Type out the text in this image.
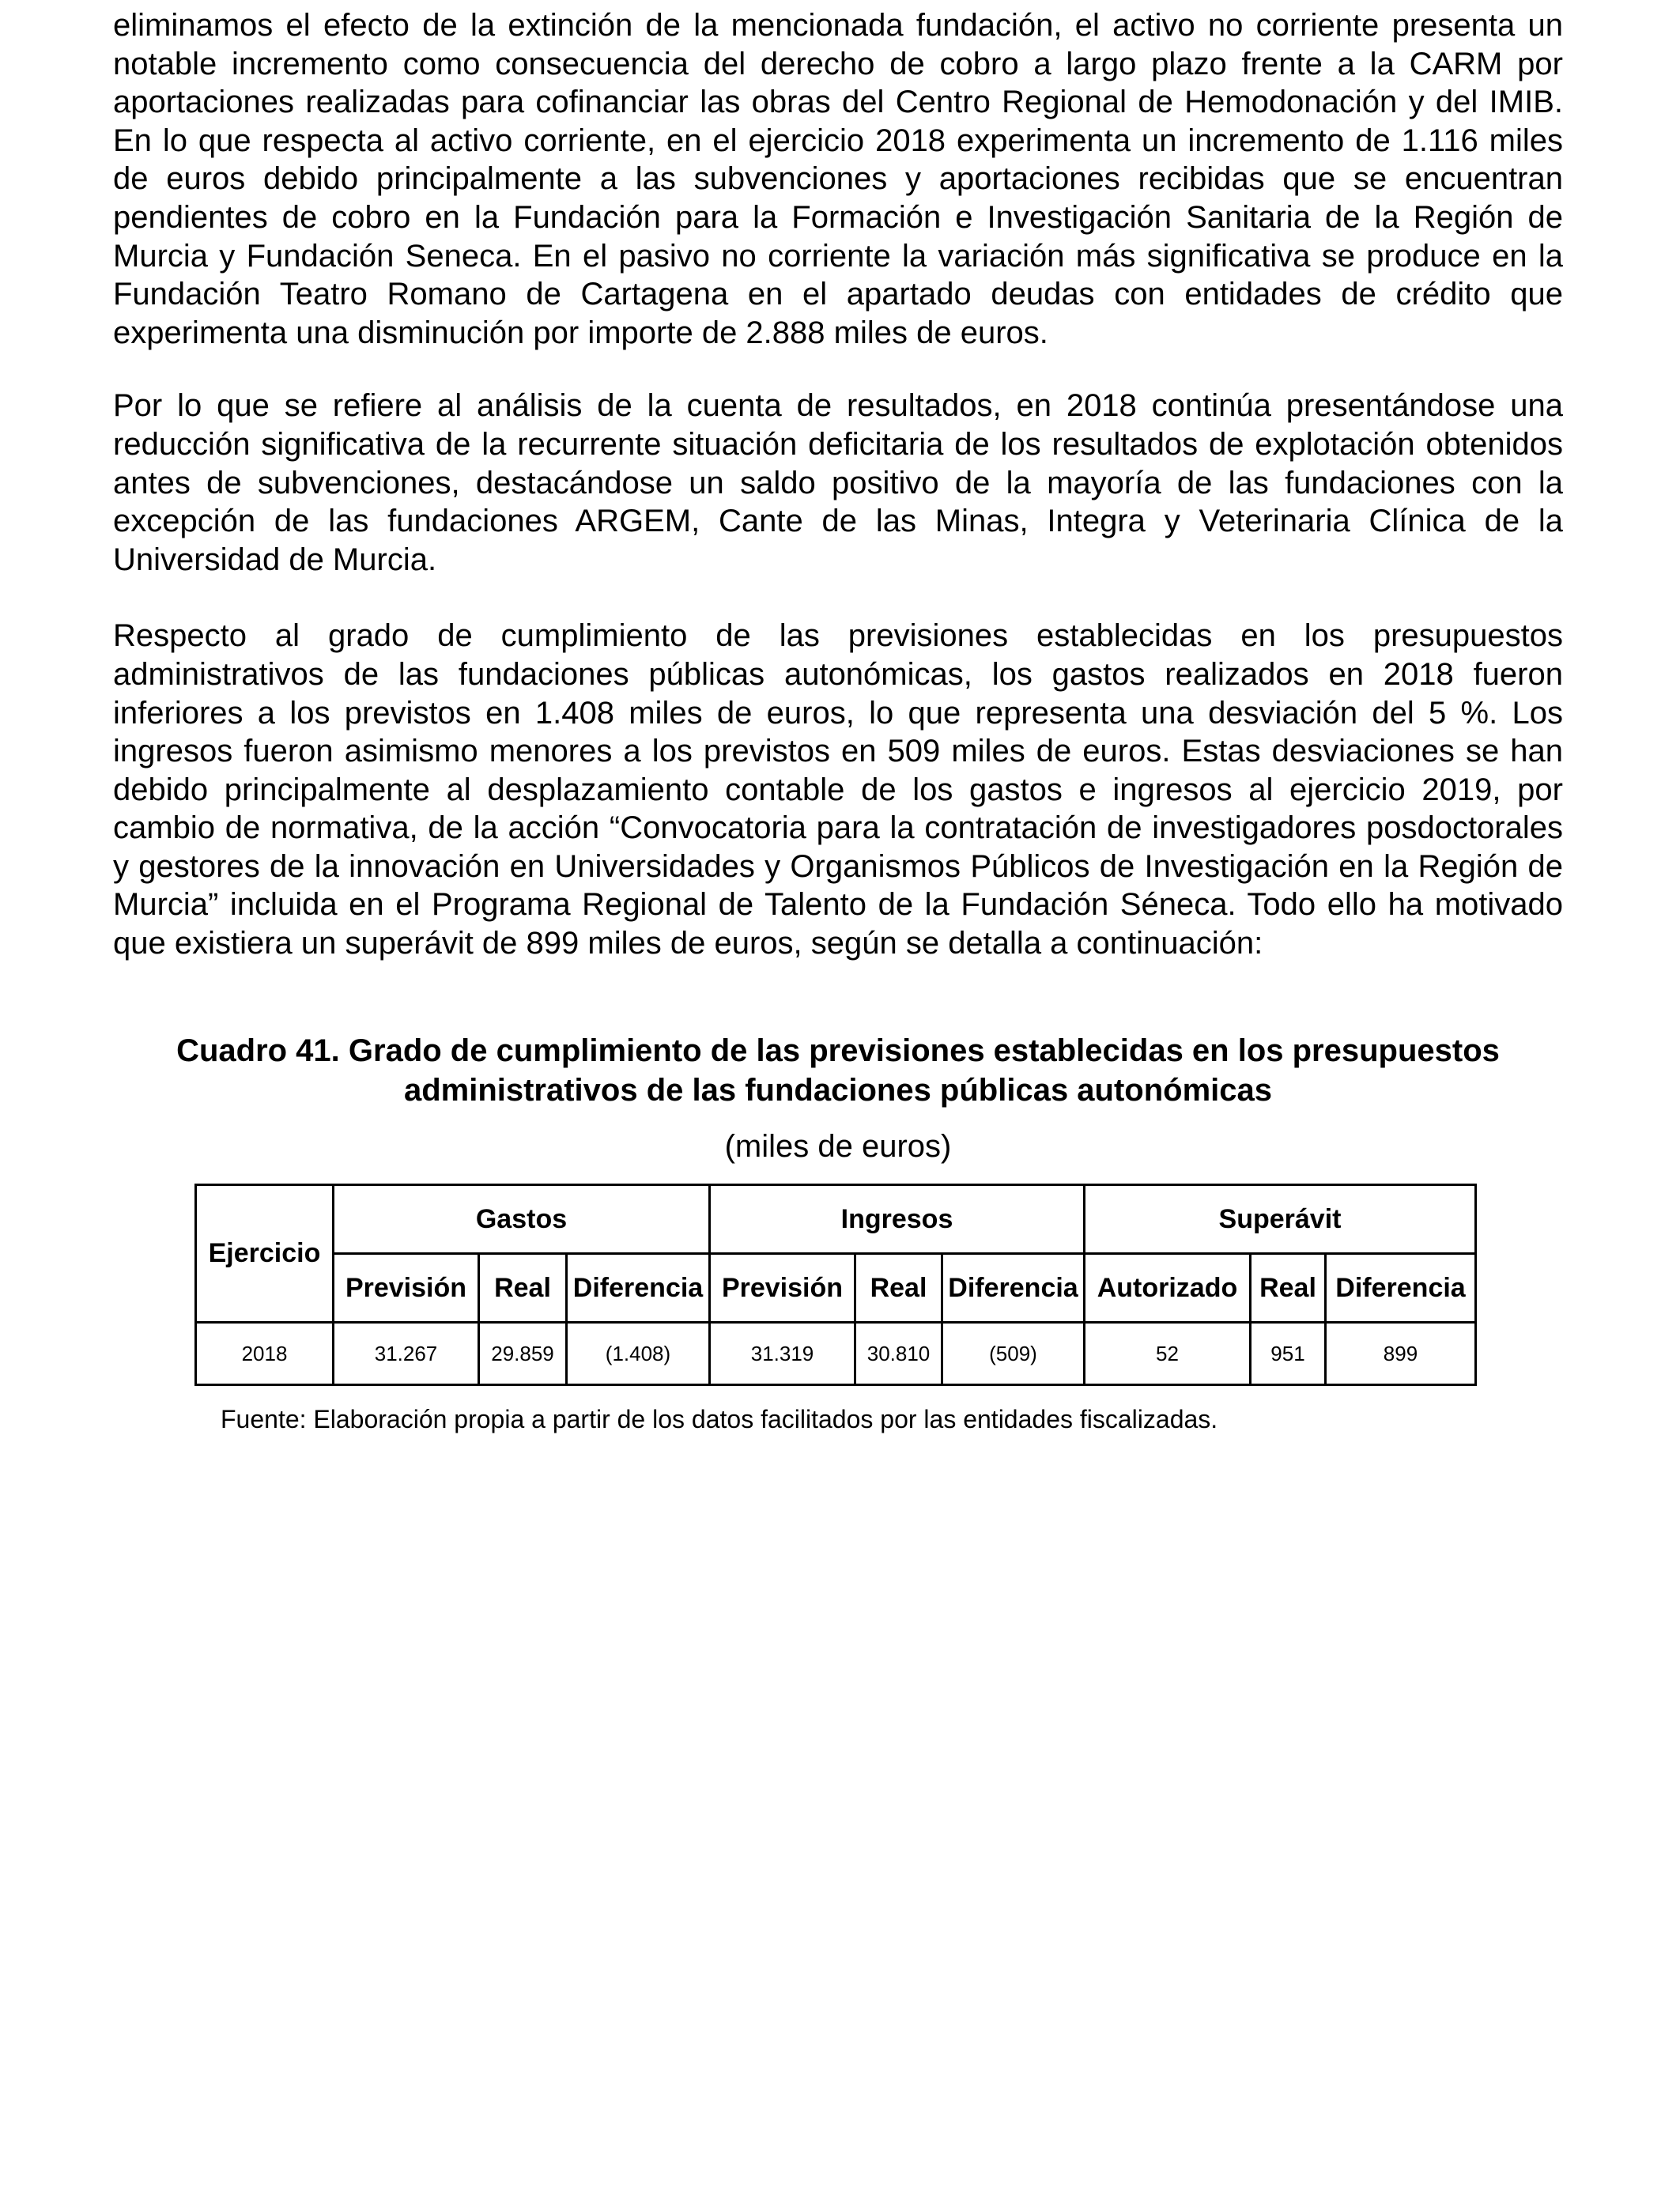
eliminamos el efecto de la extinción de la mencionada fundación, el activo no corriente presenta un notable incremento como consecuencia del derecho de cobro a largo plazo frente a la CARM por aportaciones realizadas para cofinanciar las obras del Centro Regional de Hemodonación y del IMIB. En lo que respecta al activo corriente, en el ejercicio 2018 experimenta un incremento de 1.116 miles de euros debido principalmente a las subvenciones y aportaciones recibidas que se encuentran pendientes de cobro en la Fundación para la Formación e Investigación Sanitaria de la Región de Murcia y Fundación Seneca. En el pasivo no corriente la variación más significativa se produce en la Fundación Teatro Romano de Cartagena en el apartado deudas con entidades de crédito que experimenta una disminución por importe de 2.888 miles de euros.

Por lo que se refiere al análisis de la cuenta de resultados, en 2018 continúa presentándose una reducción significativa de la recurrente situación deficitaria de los resultados de explotación obtenidos antes de subvenciones, destacándose un saldo positivo de la mayoría de las fundaciones con la excepción de las fundaciones ARGEM, Cante de las Minas, Integra y Veterinaria Clínica de la Universidad de Murcia.

Respecto al grado de cumplimiento de las previsiones establecidas en los presupuestos administrativos de las fundaciones públicas autonómicas, los gastos realizados en 2018 fueron inferiores a los previstos en 1.408 miles de euros, lo que representa una desviación del 5 %. Los ingresos fueron asimismo menores a los previstos en 509 miles de euros. Estas desviaciones se han debido principalmente al desplazamiento contable de los gastos e ingresos al ejercicio 2019, por cambio de normativa, de la acción “Convocatoria para la contratación de investigadores posdoctorales y gestores de la innovación en Universidades y Organismos Públicos de Investigación en la Región de Murcia” incluida en el Programa Regional de Talento de la Fundación Séneca. Todo ello ha motivado que existiera un superávit de 899 miles de euros, según se detalla a continuación:

Cuadro 41. Grado de cumplimiento de las previsiones establecidas en los presupuestos
administrativos de las fundaciones públicas autonómicas
(miles de euros)
Ejercicio	Gastos			Ingresos			Superávit		
	Previsión	Real	Diferencia	Previsión	Real	Diferencia	Autorizado	Real	Diferencia
2018	31.267	29.859	(1.408)	31.319	30.810	(509)	52	951	899
Fuente: Elaboración propia a partir de los datos facilitados por las entidades fiscalizadas.
